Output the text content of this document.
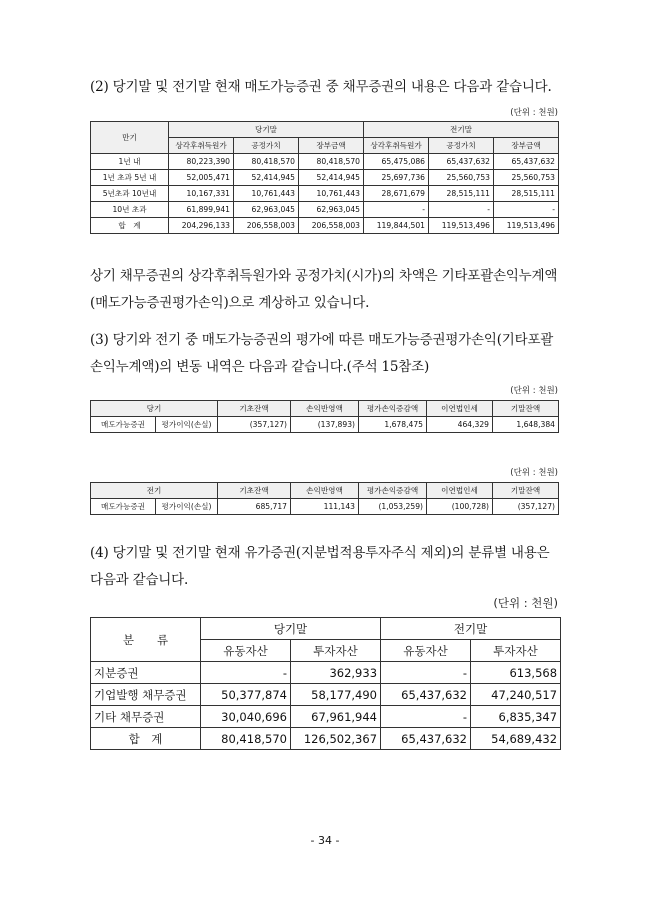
(2) 당기말 및 전기말 현재 매도가능증권 중 채무증권의 내용은 다음과 같습니다.
(단위 : 천원)
만기	당기말			전기말		
	상각후취득원가	공정가치	장부금액	상각후취득원가	공정가치	장부금액
1년 내	80,223,390	80,418,570	80,418,570	65,475,086	65,437,632	65,437,632
1년 초과 5년 내	52,005,471	52,414,945	52,414,945	25,697,736	25,560,753	25,560,753
5년초과 10년내	10,167,331	10,761,443	10,761,443	28,671,679	28,515,111	28,515,111
10년 초과	61,899,941	62,963,045	62,963,045	-	-	-
합　계	204,296,133	206,558,003	206,558,003	119,844,501	119,513,496	119,513,496
상기 채무증권의 상각후취득원가와 공정가치(시가)의 차액은 기타포괄손익누계액(매도가능증권평가손익)으로 계상하고 있습니다.
(3) 당기와 전기 중 매도가능증권의 평가에 따른 매도가능증권평가손익(기타포괄손익누계액)의 변동 내역은 다음과 같습니다.(주석 15참조)
(단위 : 천원)
당기		기초잔액	손익반영액	평가손익증감액	이연법인세	기말잔액
매도가능증권	평가이익(손실)	(357,127)	(137,893)	1,678,475	464,329	1,648,384
(단위 : 천원)
전기		기초잔액	손익반영액	평가손익증감액	이연법인세	기말잔액
매도가능증권	평가이익(손실)	685,717	111,143	(1,053,259)	(100,728)	(357,127)
(4) 당기말 및 전기말 현재 유가증권(지분법적용투자주식 제외)의 분류별 내용은 다음과 같습니다.
(단위 : 천원)
분　　류	당기말		전기말	
	유동자산	투자자산	유동자산	투자자산
지분증권	-	362,933	-	613,568
기업발행 채무증권	50,377,874	58,177,490	65,437,632	47,240,517
기타 채무증권	30,040,696	67,961,944	-	6,835,347
합　계	80,418,570	126,502,367	65,437,632	54,689,432
- 34 -
